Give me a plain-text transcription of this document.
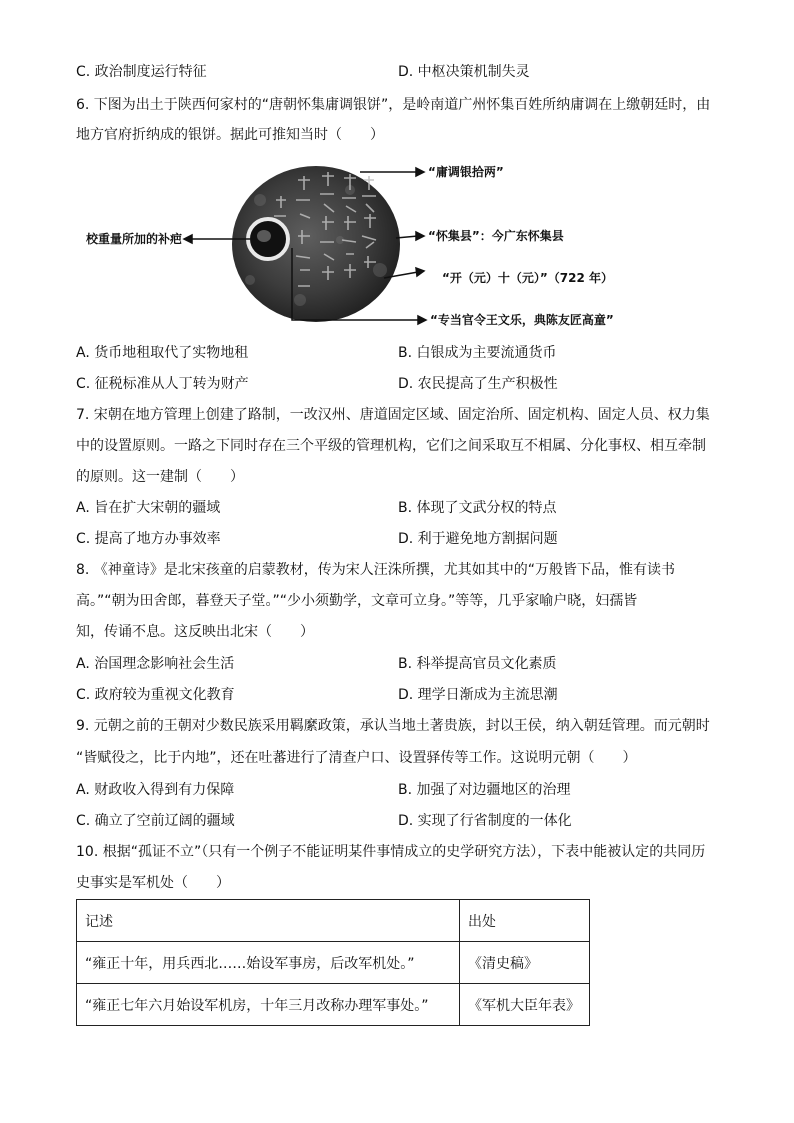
C. 政治制度运行特征	D. 中枢决策机制失灵
6. 下图为出土于陕西何家村的“唐朝怀集庸调银饼”，是岭南道广州怀集百姓所纳庸调在上缴朝廷时，由
地方官府折纳成的银饼。据此可推知当时（　　）
“庸调银拾两”
校重量所加的补疤	“怀集县”：今广东怀集县
“开（元）十（元）”（722 年）
“专当官令王文乐，典陈友匠高童”
A. 货币地租取代了实物地租	B. 白银成为主要流通货币
C. 征税标准从人丁转为财产	D. 农民提高了生产积极性
7. 宋朝在地方管理上创建了路制，一改汉州、唐道固定区域、固定治所、固定机构、固定人员、权力集
中的设置原则。一路之下同时存在三个平级的管理机构，它们之间采取互不相属、分化事权、相互牵制
的原则。这一建制（　　）
A. 旨在扩大宋朝的疆域	B. 体现了文武分权的特点
C. 提高了地方办事效率	D. 利于避免地方割据问题
8. 《神童诗》是北宋孩童的启蒙教材，传为宋人汪洙所撰，尤其如其中的“万般皆下品，惟有读书
高。”“朝为田舍郎，暮登天子堂。”“少小须勤学，文章可立身。”等等，几乎家喻户晓，妇孺皆
知，传诵不息。这反映出北宋（　　）
A. 治国理念影响社会生活	B. 科举提高官员文化素质
C. 政府较为重视文化教育	D. 理学日渐成为主流思潮
9. 元朝之前的王朝对少数民族采用羁縻政策，承认当地土著贵族，封以王侯，纳入朝廷管理。而元朝时
“皆赋役之，比于内地”，还在吐蕃进行了清查户口、设置驿传等工作。这说明元朝（　　）
A. 财政收入得到有力保障	B. 加强了对边疆地区的治理
C. 确立了空前辽阔的疆域	D. 实现了行省制度的一体化
10. 根据“孤证不立”（只有一个例子不能证明某件事情成立的史学研究方法），下表中能被认定的共同历
史事实是军机处（　　）
记述	出处
“雍正十年，用兵西北……始设军事房，后改军机处。”	《清史稿》
“雍正七年六月始设军机房，十年三月改称办理军事处。”	《军机大臣年表》
